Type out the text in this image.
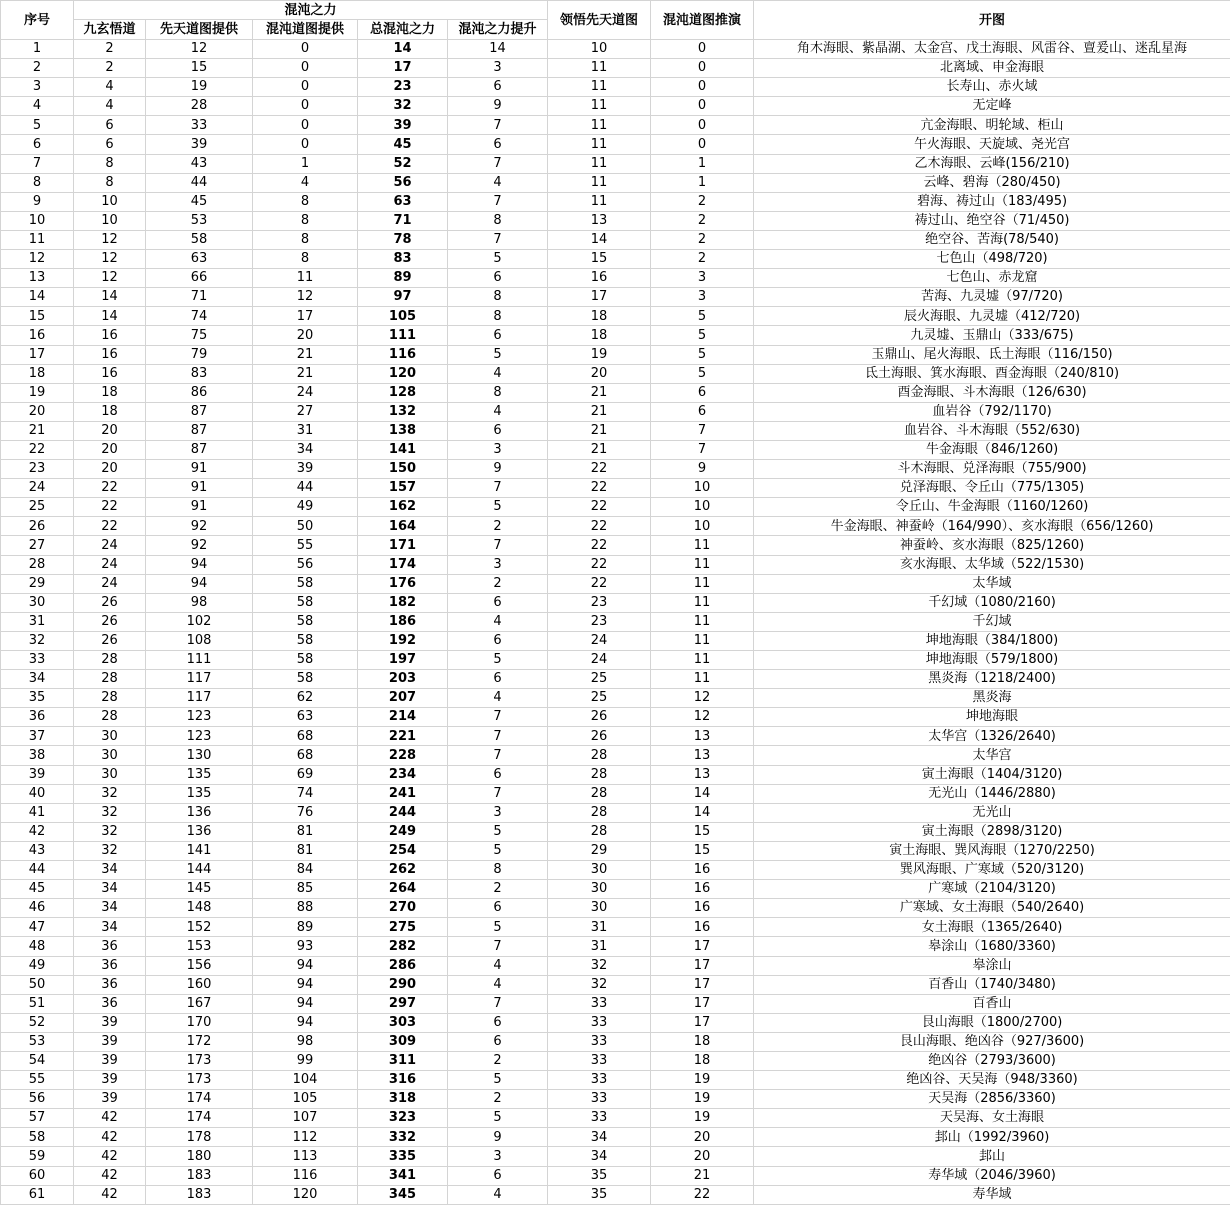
序号	混沌之力					领悟先天道图	混沌道图推演	开图
	九玄悟道	先天道图提供	混沌道图提供	总混沌之力	混沌之力提升			
1	2	12	0	14	14	10	0	角木海眼、紫晶湖、太金宫、戊土海眼、风雷谷、亶爰山、迷乱星海
2	2	15	0	17	3	11	0	北离域、申金海眼
3	4	19	0	23	6	11	0	长寿山、赤火域
4	4	28	0	32	9	11	0	无定峰
5	6	33	0	39	7	11	0	亢金海眼、明轮域、柜山
6	6	39	0	45	6	11	0	午火海眼、天旋域、尧光宫
7	8	43	1	52	7	11	1	乙木海眼、云峰(156/210)
8	8	44	4	56	4	11	1	云峰、碧海（280/450)
9	10	45	8	63	7	11	2	碧海、祷过山（183/495)
10	10	53	8	71	8	13	2	祷过山、绝空谷（71/450)
11	12	58	8	78	7	14	2	绝空谷、苦海(78/540)
12	12	63	8	83	5	15	2	七色山（498/720)
13	12	66	11	89	6	16	3	七色山、赤龙窟
14	14	71	12	97	8	17	3	苦海、九灵墟（97/720)
15	14	74	17	105	8	18	5	辰火海眼、九灵墟（412/720)
16	16	75	20	111	6	18	5	九灵墟、玉鼎山（333/675)
17	16	79	21	116	5	19	5	玉鼎山、尾火海眼、氐土海眼（116/150)
18	16	83	21	120	4	20	5	氐土海眼、箕水海眼、酉金海眼（240/810)
19	18	86	24	128	8	21	6	酉金海眼、斗木海眼（126/630)
20	18	87	27	132	4	21	6	血岩谷（792/1170)
21	20	87	31	138	6	21	7	血岩谷、斗木海眼（552/630)
22	20	87	34	141	3	21	7	牛金海眼（846/1260)
23	20	91	39	150	9	22	9	斗木海眼、兑泽海眼（755/900)
24	22	91	44	157	7	22	10	兑泽海眼、令丘山（775/1305)
25	22	91	49	162	5	22	10	令丘山、牛金海眼（1160/1260)
26	22	92	50	164	2	22	10	牛金海眼、神蚕岭（164/990）、亥水海眼（656/1260)
27	24	92	55	171	7	22	11	神蚕岭、亥水海眼（825/1260)
28	24	94	56	174	3	22	11	亥水海眼、太华域（522/1530)
29	24	94	58	176	2	22	11	太华域
30	26	98	58	182	6	23	11	千幻域（1080/2160)
31	26	102	58	186	4	23	11	千幻域
32	26	108	58	192	6	24	11	坤地海眼（384/1800)
33	28	111	58	197	5	24	11	坤地海眼（579/1800)
34	28	117	58	203	6	25	11	黑炎海（1218/2400)
35	28	117	62	207	4	25	12	黑炎海
36	28	123	63	214	7	26	12	坤地海眼
37	30	123	68	221	7	26	13	太华宫（1326/2640)
38	30	130	68	228	7	28	13	太华宫
39	30	135	69	234	6	28	13	寅土海眼（1404/3120)
40	32	135	74	241	7	28	14	无光山（1446/2880)
41	32	136	76	244	3	28	14	无光山
42	32	136	81	249	5	28	15	寅土海眼（2898/3120)
43	32	141	81	254	5	29	15	寅土海眼、巽风海眼（1270/2250)
44	34	144	84	262	8	30	16	巽风海眼、广寒域（520/3120)
45	34	145	85	264	2	30	16	广寒域（2104/3120)
46	34	148	88	270	6	30	16	广寒域、女土海眼（540/2640)
47	34	152	89	275	5	31	16	女土海眼（1365/2640)
48	36	153	93	282	7	31	17	皋涂山（1680/3360)
49	36	156	94	286	4	32	17	皋涂山
50	36	160	94	290	4	32	17	百香山（1740/3480)
51	36	167	94	297	7	33	17	百香山
52	39	170	94	303	6	33	17	艮山海眼（1800/2700)
53	39	172	98	309	6	33	18	艮山海眼、绝凶谷（927/3600)
54	39	173	99	311	2	33	18	绝凶谷（2793/3600)
55	39	173	104	316	5	33	19	绝凶谷、天吴海（948/3360)
56	39	174	105	318	2	33	19	天吴海（2856/3360)
57	42	174	107	323	5	33	19	天吴海、女土海眼
58	42	178	112	332	9	34	20	邽山（1992/3960)
59	42	180	113	335	3	34	20	邽山
60	42	183	116	341	6	35	21	寿华域（2046/3960)
61	42	183	120	345	4	35	22	寿华域
